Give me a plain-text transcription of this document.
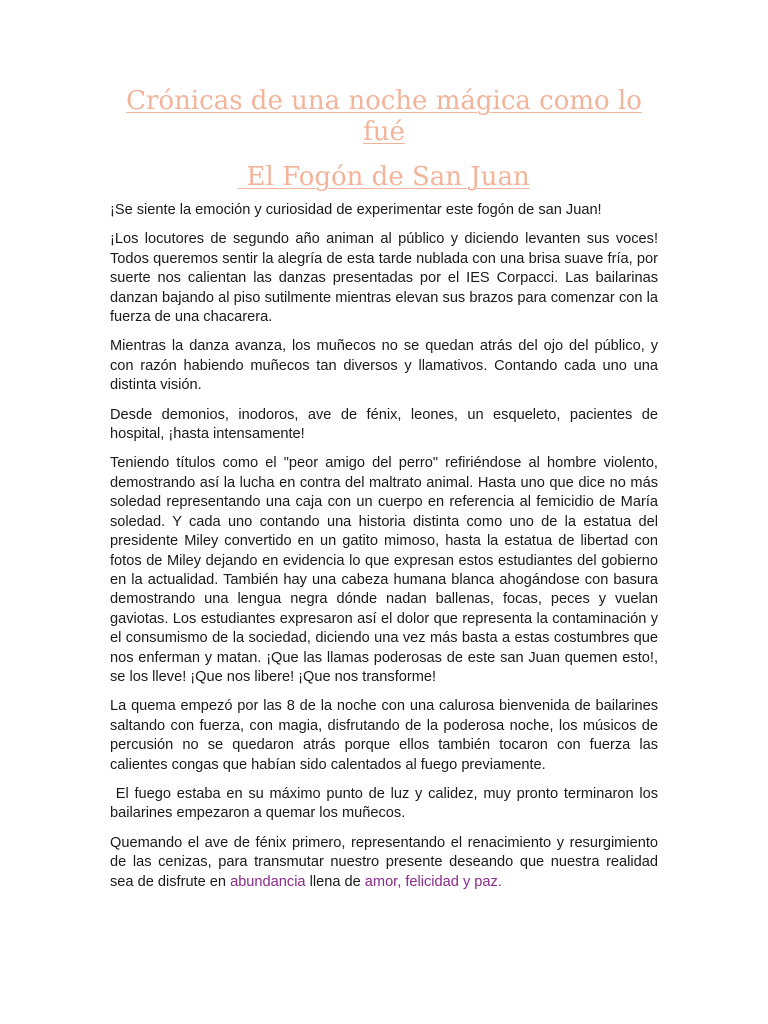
Crónicas de una noche mágica como lo fué
El Fogón de San Juan

¡Se siente la emoción y curiosidad de experimentar este fogón de san Juan!

¡Los locutores de segundo año animan al público y diciendo levanten sus voces! Todos queremos sentir la alegría de esta tarde nublada con una brisa suave fría, por suerte nos calientan las danzas presentadas por el IES Corpacci. Las bailarinas danzan bajando al piso sutilmente mientras elevan sus brazos para comenzar con la fuerza de una chacarera.

Mientras la danza avanza, los muñecos no se quedan atrás del ojo del público, y con razón habiendo muñecos tan diversos y llamativos. Contando cada uno una distinta visión.

Desde demonios, inodoros, ave de fénix, leones, un esqueleto, pacientes de hospital, ¡hasta intensamente!

Teniendo títulos como el "peor amigo del perro" refiriéndose al hombre violento, demostrando así la lucha en contra del maltrato animal. Hasta uno que dice no más soledad representando una caja con un cuerpo en referencia al femicidio de María soledad. Y cada uno contando una historia distinta como uno de la estatua del presidente Miley convertido en un gatito mimoso, hasta la estatua de libertad con fotos de Miley dejando en evidencia lo que expresan estos estudiantes del gobierno en la actualidad. También hay una cabeza humana blanca ahogándose con basura demostrando una lengua negra dónde nadan ballenas, focas, peces y vuelan gaviotas. Los estudiantes expresaron así el dolor que representa la contaminación y el consumismo de la sociedad, diciendo una vez más basta a estas costumbres que nos enferman y matan. ¡Que las llamas poderosas de este san Juan quemen esto!, se los lleve! ¡Que nos libere! ¡Que nos transforme!

La quema empezó por las 8 de la noche con una calurosa bienvenida de bailarines saltando con fuerza, con magia, disfrutando de la poderosa noche, los músicos de percusión no se quedaron atrás porque ellos también tocaron con fuerza las calientes congas que habían sido calentados al fuego previamente.

El fuego estaba en su máximo punto de luz y calidez, muy pronto terminaron los bailarines empezaron a quemar los muñecos.

Quemando el ave de fénix primero, representando el renacimiento y resurgimiento de las cenizas, para transmutar nuestro presente deseando que nuestra realidad sea de disfrute en abundancia llena de amor, felicidad y paz.
